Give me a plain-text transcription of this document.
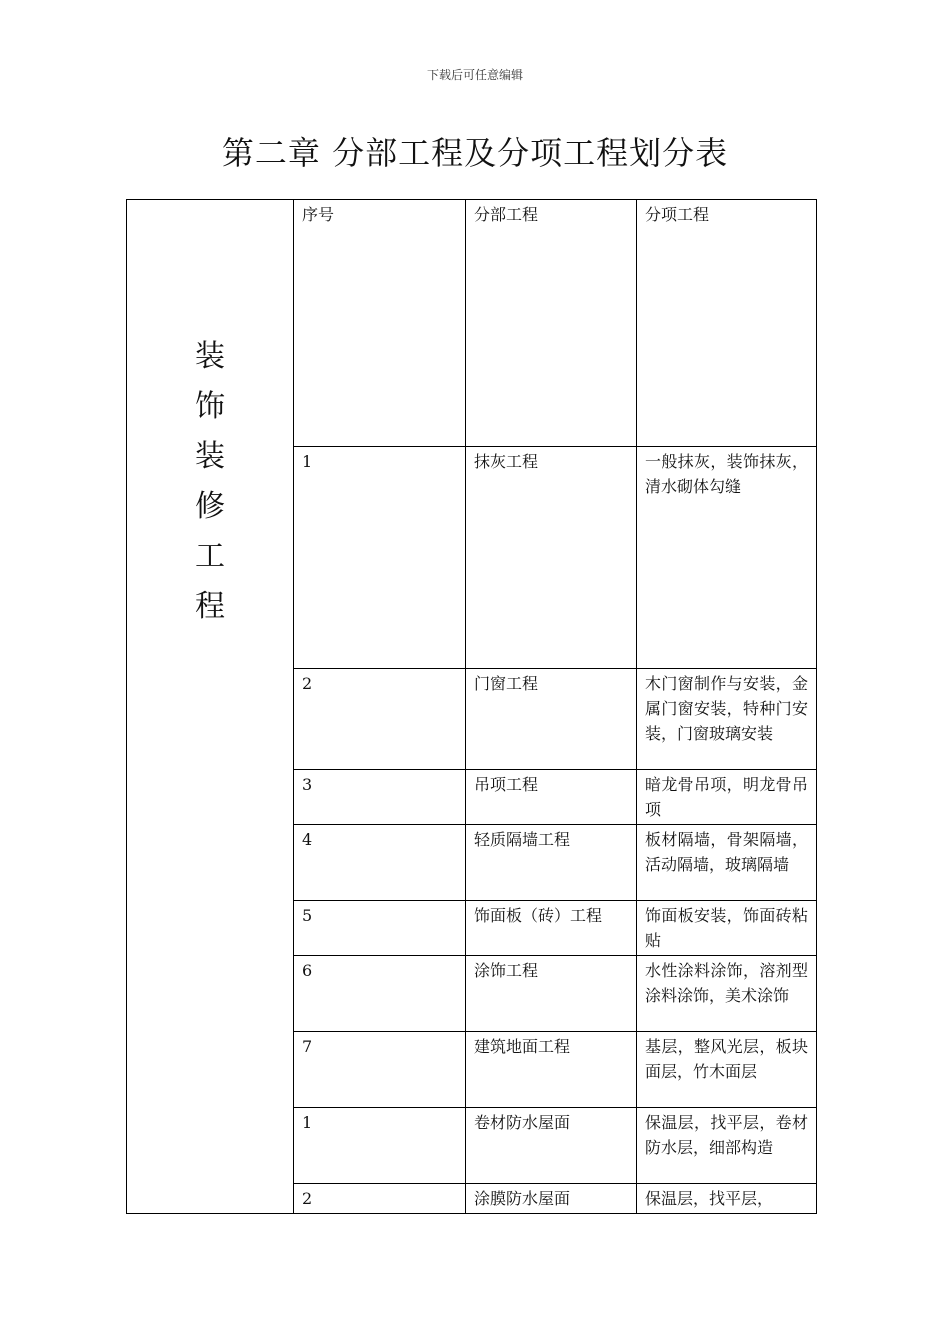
下载后可任意编辑
第二章 分部工程及分项工程划分表
装饰装修工程	序号	分部工程	分项工程
	1	抹灰工程	一般抹灰，装饰抹灰，清水砌体勾缝
	2	门窗工程	木门窗制作与安装，金属门窗安装，特种门安装，门窗玻璃安装
	3	吊项工程	暗龙骨吊项，明龙骨吊项
	4	轻质隔墙工程	板材隔墙，骨架隔墙，活动隔墙，玻璃隔墙
	5	饰面板（砖）工程	饰面板安装，饰面砖粘贴
	6	涂饰工程	水性涂料涂饰，溶剂型涂料涂饰，美术涂饰
	7	建筑地面工程	基层，整风光层，板块面层，竹木面层
	1	卷材防水屋面	保温层，找平层，卷材防水层，细部构造
	2	涂膜防水屋面	保温层，找平层，
